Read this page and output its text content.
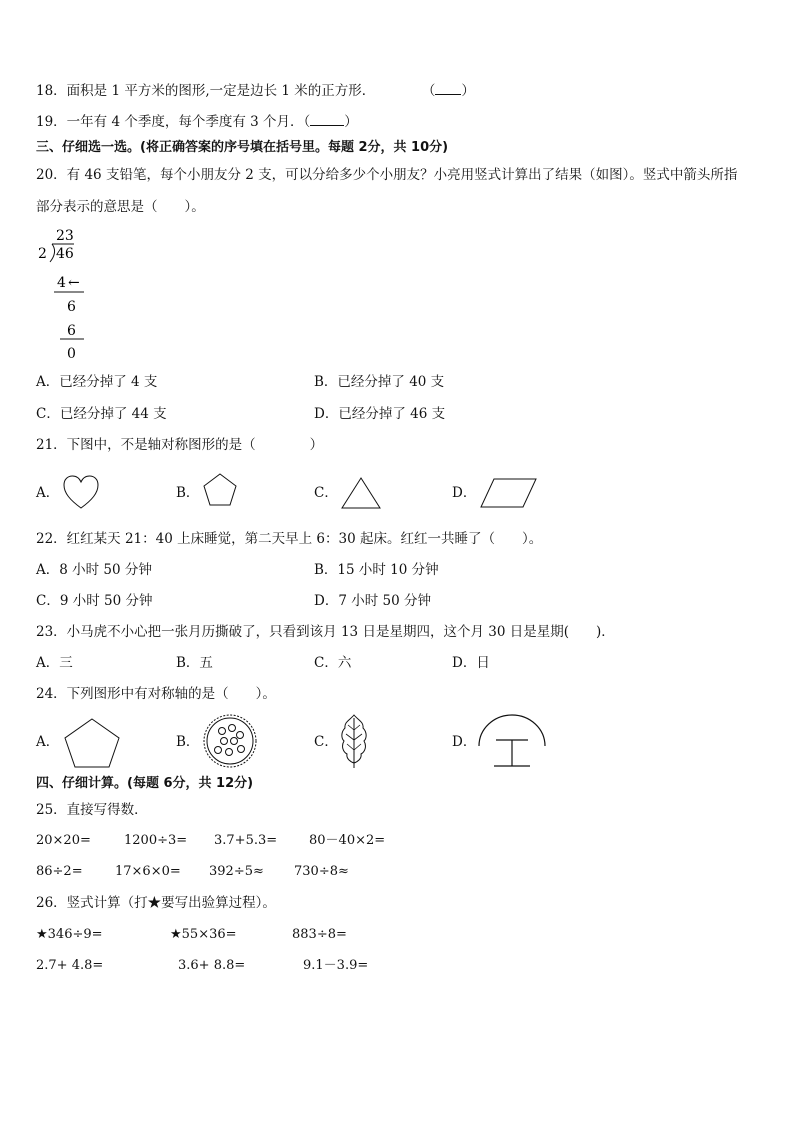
18．面积是 1 平方米的图形,一定是边长 1 米的正方形．	（ ）
19．一年有 4 个季度，每个季度有 3 个月．（	）
三、仔细选一选。(将正确答案的序号填在括号里。每题 2分，共 10分)
20．有 46 支铅笔，每个小朋友分 2 支，可以分给多少个小朋友？小亮用竖式计算出了结果（如图）。竖式中箭头所指
部分表示的意思是（　　）。
23
2 46
4 ←
6
6
0
A．已经分掉了 4 支	B．已经分掉了 40 支
C．已经分掉了 44 支	D．已经分掉了 46 支
21．下图中，不是轴对称图形的是（　　　　）
A．	B．	C．	D．
22．红红某天 21：40 上床睡觉，第二天早上 6：30 起床。红红一共睡了（　　）。
A．8 小时 50 分钟	B．15 小时 10 分钟
C．9 小时 50 分钟	D．7 小时 50 分钟
23．小马虎不小心把一张月历撕破了，只看到该月 13 日是星期四，这个月 30 日是星期(　　)．
A．三	B．五	C．六	D．日
24．下列图形中有对称轴的是（　　）。
A．	B．	C．	D．
四、仔细计算。(每题 6分，共 12分)
25．直接写得数．
20×20=	1200÷3= 3.7+5.3= 80－40×2=
86÷2= 17×6×0= 392÷5≈ 730÷8≈
26．竖式计算（打★要写出验算过程）。
★346÷9=	★55×36=	883÷8=
2.7+ 4.8=	3.6+ 8.8=	9.1－3.9=
